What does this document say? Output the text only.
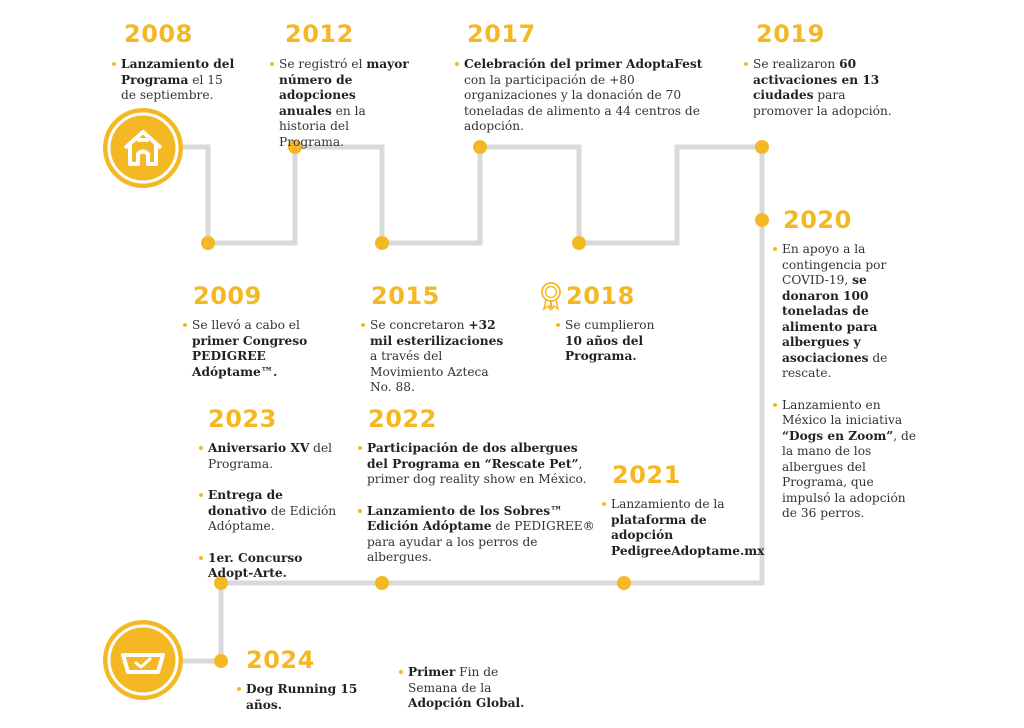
2008	2012	2017	2019
2009	2015	2018
2020
2023	2022
2021
2024
Lanzamiento del Programa el 15 de septiembre.
Se registró el mayor número de adopciones anuales en la historia del Programa.
Celebración del primer AdoptaFest con la participación de +80 organizaciones y la donación de 70 toneladas de alimento a 44 centros de adopción.
Se realizaron 60 activaciones en 13 ciudades para promover la adopción.
Se llevó a cabo el primer Congreso PEDIGREE Adóptame™.
Se concretaron +32 mil esterilizaciones a través del Movimiento Azteca No. 88.
Se cumplieron 10 años del Programa.
En apoyo a la contingencia por COVID-19, se donaron 100 toneladas de alimento para albergues y asociaciones de rescate.
Lanzamiento en México la iniciativa “Dogs en Zoom”, de la mano de los albergues del Programa, que impulsó la adopción de 36 perros.
Aniversario XV del Programa.
Entrega de donativo de Edición Adóptame.
1er. Concurso Adopt-Arte.
Participación de dos albergues del Programa en “Rescate Pet”, primer dog reality show en México.
Lanzamiento de los Sobres™ Edición Adóptame de PEDIGREE® para ayudar a los perros de albergues.
Lanzamiento de la plataforma de adopción PedigreeAdoptame.mx
Dog Running 15 años.
Primer Fin de Semana de la Adopción Global.
